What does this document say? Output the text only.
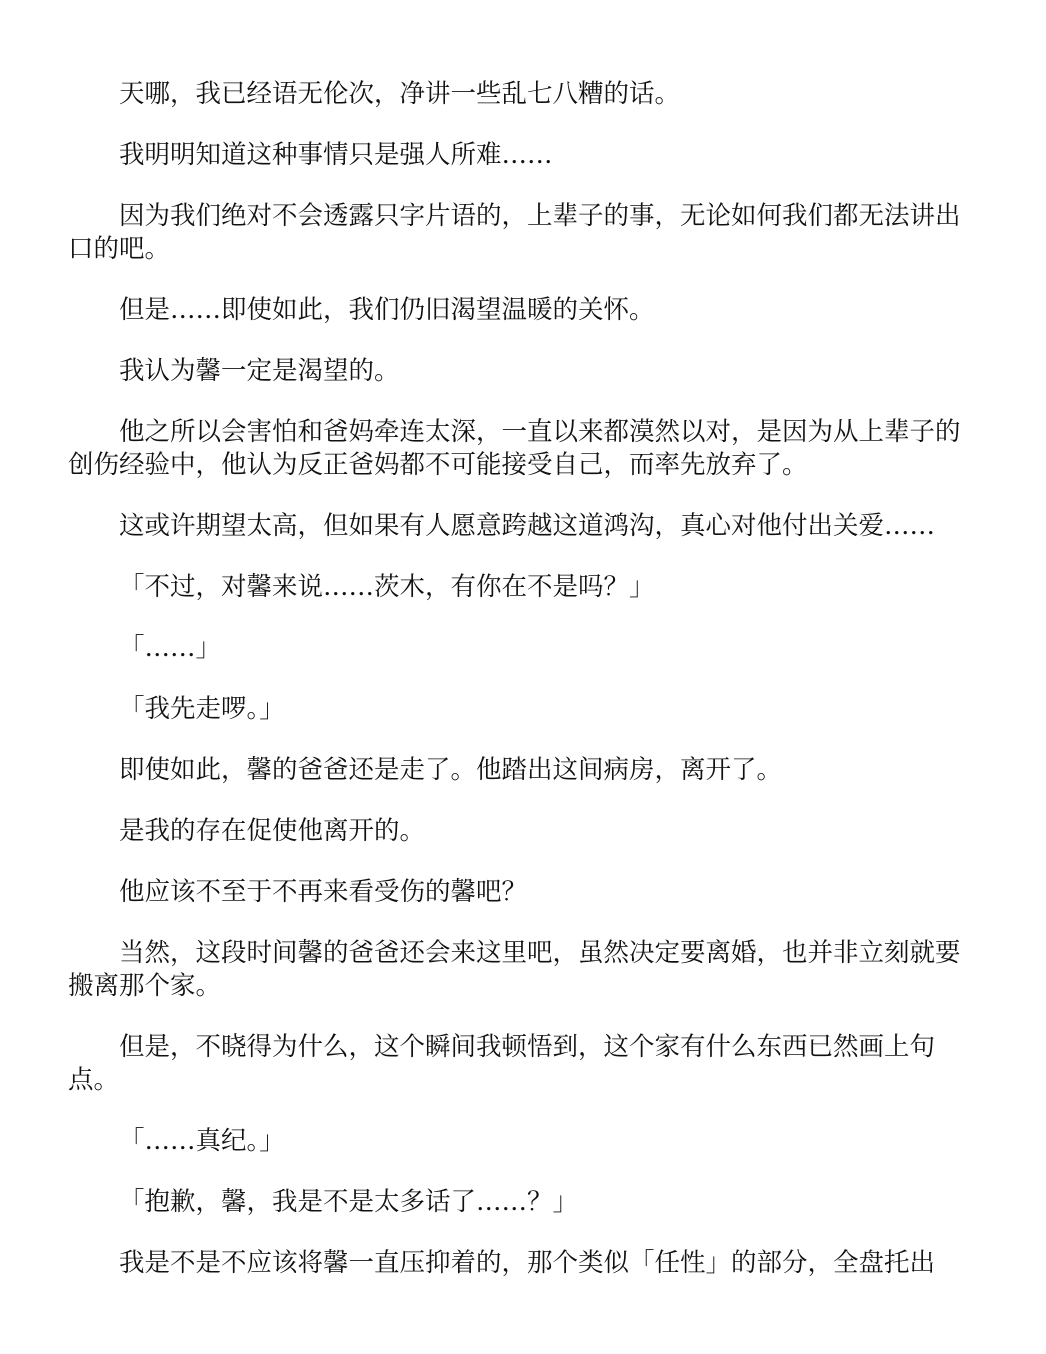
天哪，我已经语无伦次，净讲一些乱七八糟的话。

我明明知道这种事情只是强人所难……

因为我们绝对不会透露只字片语的，上辈子的事，无论如何我们都无法讲出口的吧。

但是……即使如此，我们仍旧渴望温暖的关怀。

我认为馨一定是渴望的。

他之所以会害怕和爸妈牵连太深，一直以来都漠然以对，是因为从上辈子的创伤经验中，他认为反正爸妈都不可能接受自己，而率先放弃了。

这或许期望太高，但如果有人愿意跨越这道鸿沟，真心对他付出关爱……

「不过，对馨来说……茨木，有你在不是吗？」

「……」

「我先走啰。」

即使如此，馨的爸爸还是走了。他踏出这间病房，离开了。

是我的存在促使他离开的。

他应该不至于不再来看受伤的馨吧？

当然，这段时间馨的爸爸还会来这里吧，虽然决定要离婚，也并非立刻就要搬离那个家。

但是，不晓得为什么，这个瞬间我顿悟到，这个家有什么东西已然画上句点。

「……真纪。」

「抱歉，馨，我是不是太多话了……？」

我是不是不应该将馨一直压抑着的，那个类似「任性」的部分，全盘托出
